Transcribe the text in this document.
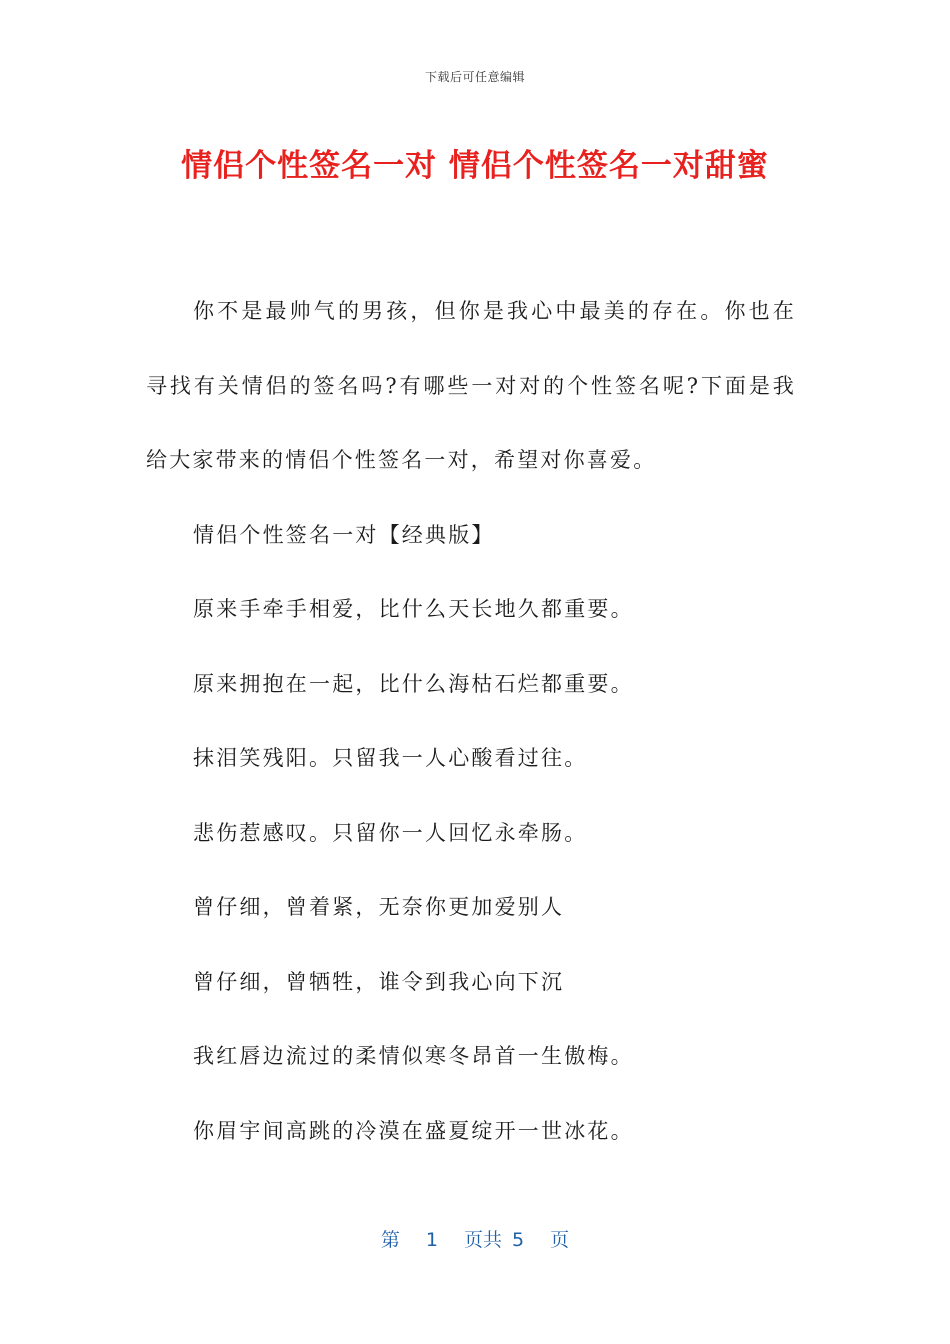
下载后可任意编辑
情侣个性签名一对 情侣个性签名一对甜蜜

你不是最帅气的男孩，但你是我心中最美的存在。你也在寻找有关情侣的签名吗?有哪些一对对的个性签名呢?下面是我给大家带来的情侣个性签名一对，希望对你喜爱。

情侣个性签名一对【经典版】

原来手牵手相爱，比什么天长地久都重要。

原来拥抱在一起，比什么海枯石烂都重要。

抹泪笑残阳。只留我一人心酸看过往。

悲伤惹感叹。只留你一人回忆永牵肠。

曾仔细，曾着紧，无奈你更加爱别人

曾仔细，曾牺牲，谁令到我心向下沉

我红唇边流过的柔情似寒冬昂首一生傲梅。

你眉宇间高跳的冷漠在盛夏绽开一世冰花。

第 1 页共 5 页
